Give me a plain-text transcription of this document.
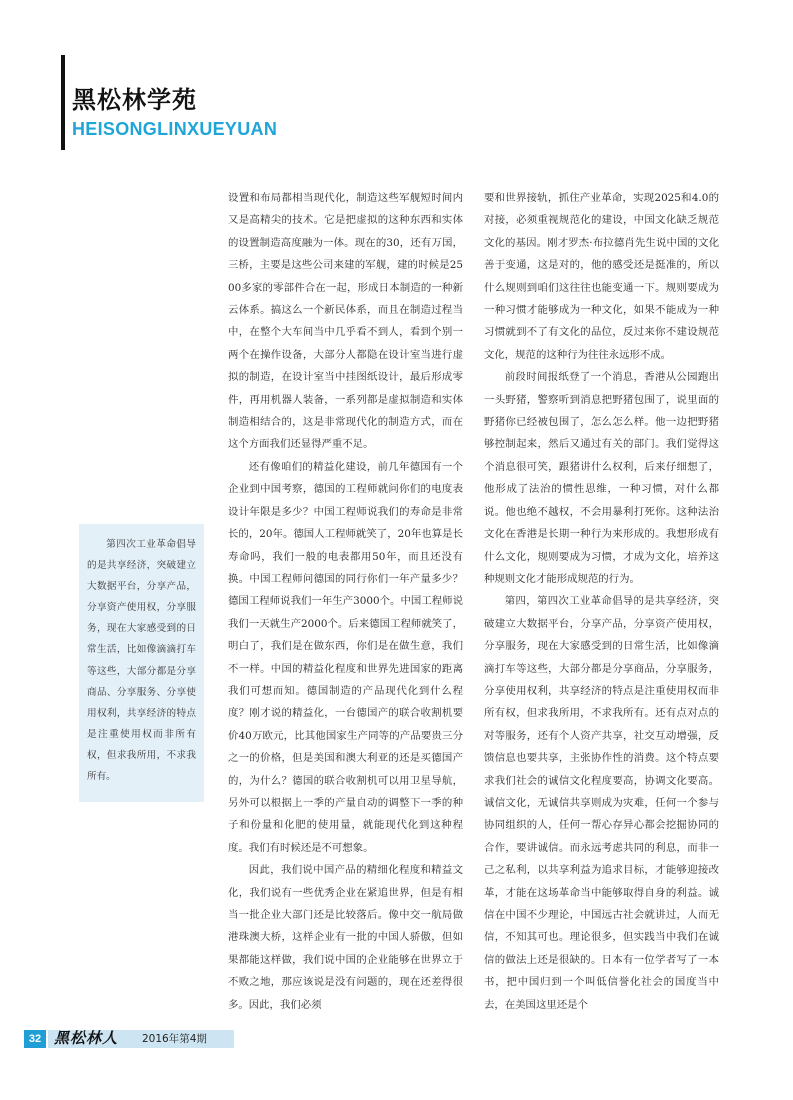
黑松林学苑
HEISONGLINXUEYUAN

设置和布局都相当现代化，制造这些军舰短时间内又是高精尖的技术。它是把虚拟的这种东西和实体的设置制造高度融为一体。现在的30，还有万国，三桥，主要是这些公司来建的军舰，建的时候是2500多家的零部件合在一起，形成日本制造的一种新云体系。搞这么一个新民体系，而且在制造过程当中，在整个大车间当中几乎看不到人，看到个别一两个在操作设备，大部分人都隐在设计室当进行虚拟的制造，在设计室当中挂图纸设计，最后形成零件，再用机器人装备，一系列都是虚拟制造和实体制造相结合的，这是非常现代化的制造方式，而在这个方面我们还显得严重不足。

还有像咱们的精益化建设，前几年德国有一个企业到中国考察，德国的工程师就问你们的电度表设计年限是多少？中国工程师说我们的寿命是非常长的，20年。德国人工程师就笑了，20年也算是长寿命吗，我们一般的电表都用50年，而且还没有换。中国工程师问德国的同行你们一年产量多少？德国工程师说我们一年生产3000个。中国工程师说我们一天就生产2000个。后来德国工程师就笑了，明白了，我们是在做东西，你们是在做生意，我们不一样。中国的精益化程度和世界先进国家的距离我们可想而知。德国制造的产品现代化到什么程度？刚才说的精益化，一台德国产的联合收割机要价40万欧元，比其他国家生产同等的产品要贵三分之一的价格，但是美国和澳大利亚的还是买德国产的，为什么？德国的联合收割机可以用卫星导航，另外可以根据上一季的产量自动的调整下一季的种子和份量和化肥的使用量，就能现代化到这种程度。我们有时候还是不可想象。

因此，我们说中国产品的精细化程度和精益文化，我们说有一些优秀企业在紧追世界，但是有相当一批企业大部门还是比较落后。像中交一航局做港珠澳大桥，这样企业有一批的中国人骄傲，但如果都能这样做，我们说中国的企业能够在世界立于不败之地，那应该说是没有问题的，现在还差得很多。因此，我们必须

要和世界接轨，抓住产业革命，实现2025和4.0的对接，必须重视规范化的建设，中国文化缺乏规范文化的基因。刚才罗杰·布拉德肖先生说中国的文化善于变通，这是对的，他的感受还是挺准的，所以什么规则到咱们这往往也能变通一下。规则要成为一种习惯才能够成为一种文化，如果不能成为一种习惯就到不了有文化的品位，反过来你不建设规范文化，规范的这种行为往往永远形不成。

前段时间报纸登了一个消息，香港从公园跑出一头野猪，警察听到消息把野猪包围了，说里面的野猪你已经被包围了，怎么怎么样。他一边把野猪够控制起来，然后又通过有关的部门。我们觉得这个消息很可笑，跟猪讲什么权利，后来仔细想了，他形成了法治的惯性思维，一种习惯，对什么都说。他也绝不越权，不会用暴利打死你。这种法治文化在香港是长期一种行为来形成的。我想形成有什么文化，规则要成为习惯，才成为文化，培养这种规则文化才能形成规范的行为。

第四，第四次工业革命倡导的是共享经济，突破建立大数据平台，分享产品，分享资产使用权，分享服务，现在大家感受到的日常生活，比如像滴滴打车等这些，大部分都是分享商品，分享服务，分享使用权利，共享经济的特点是注重使用权而非所有权，但求我所用，不求我所有。还有点对点的对等服务，还有个人资产共享，社交互动增强，反馈信息也要共享，主张协作性的消费。这个特点要求我们社会的诚信文化程度要高，协调文化要高。诚信文化，无诚信共享则成为灾难，任何一个参与协同组织的人，任何一帮心存异心都会挖掘协同的合作，要讲诚信。而永远考虑共同的利息，而非一己之私利，以共享利益为追求目标，才能够迎接改革，才能在这场革命当中能够取得自身的利益。诚信在中国不少理论，中国远古社会就讲过，人而无信，不知其可也。理论很多，但实践当中我们在诚信的做法上还是很缺的。日本有一位学者写了一本书，把中国归到一个叫低信誉化社会的国度当中去，在美国这里还是个

第四次工业革命倡导的是共享经济，突破建立大数据平台，分享产品，分享资产使用权，分享服务，现在大家感受到的日常生活，比如像滴滴打车等这些，大部分都是分享商品、分享服务、分享使用权利，共享经济的特点是注重使用权而非所有权，但求我所用，不求我所有。

32 黑松林人 2016年第4期
